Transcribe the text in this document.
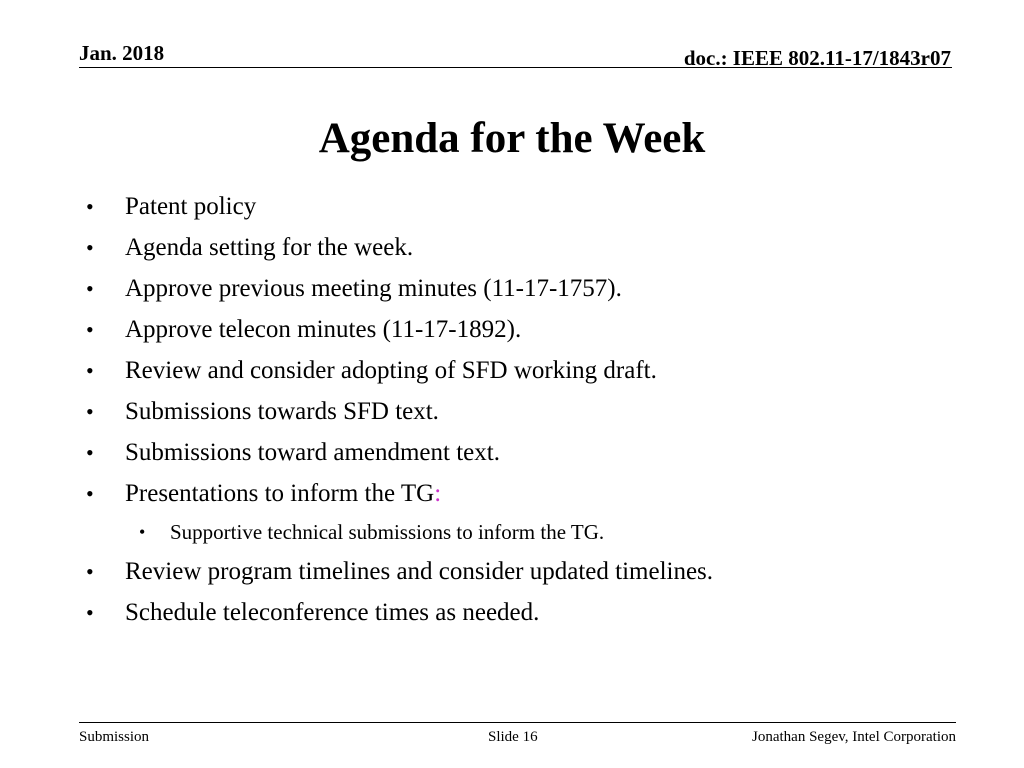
Jan. 2018	doc.: IEEE 802.11-17/1843r07
Agenda for the Week
• Patent policy
• Agenda setting for the week.
• Approve previous meeting minutes (11-17-1757).
• Approve telecon minutes (11-17-1892).
• Review and consider adopting of SFD working draft.
• Submissions towards SFD text.
• Submissions toward amendment text.
• Presentations to inform the TG:
• Supportive technical submissions to inform the TG.
• Review program timelines and consider updated timelines.
• Schedule teleconference times as needed.
Submission	Slide 16	Jonathan Segev, Intel Corporation
